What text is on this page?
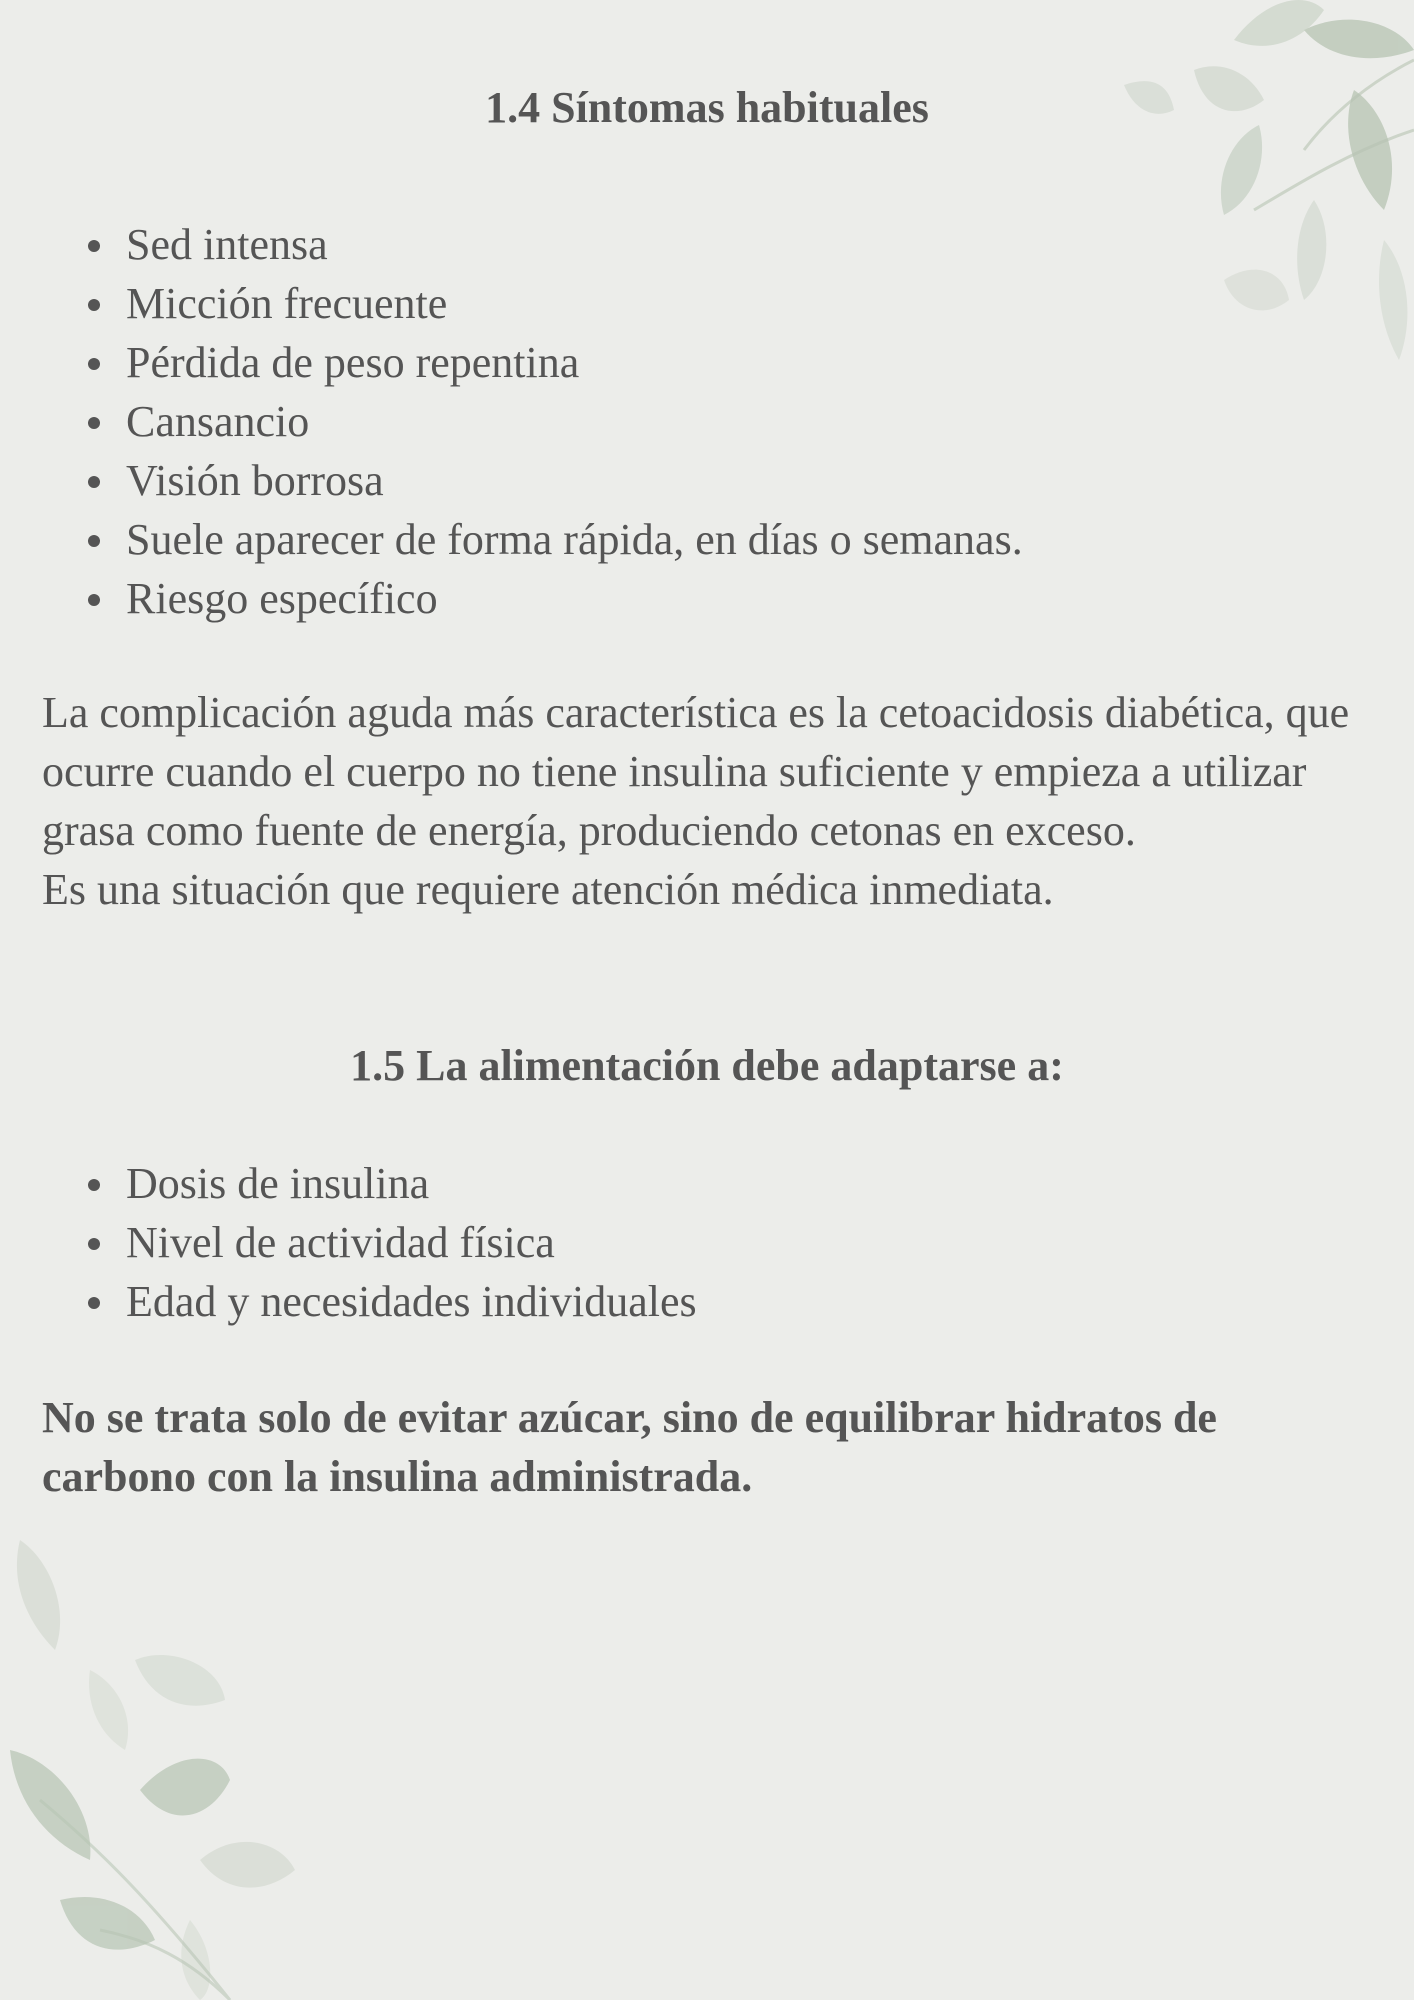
1.4 Síntomas habituales
Sed intensa
Micción frecuente
Pérdida de peso repentina
Cansancio
Visión borrosa
Suele aparecer de forma rápida, en días o semanas.
Riesgo específico

La complicación aguda más característica es la cetoacidosis diabética, que ocurre cuando el cuerpo no tiene insulina suficiente y empieza a utilizar grasa como fuente de energía, produciendo cetonas en exceso.

Es una situación que requiere atención médica inmediata.

1.5 La alimentación debe adaptarse a:
Dosis de insulina
Nivel de actividad física
Edad y necesidades individuales

No se trata solo de evitar azúcar, sino de equilibrar hidratos de carbono con la insulina administrada.
